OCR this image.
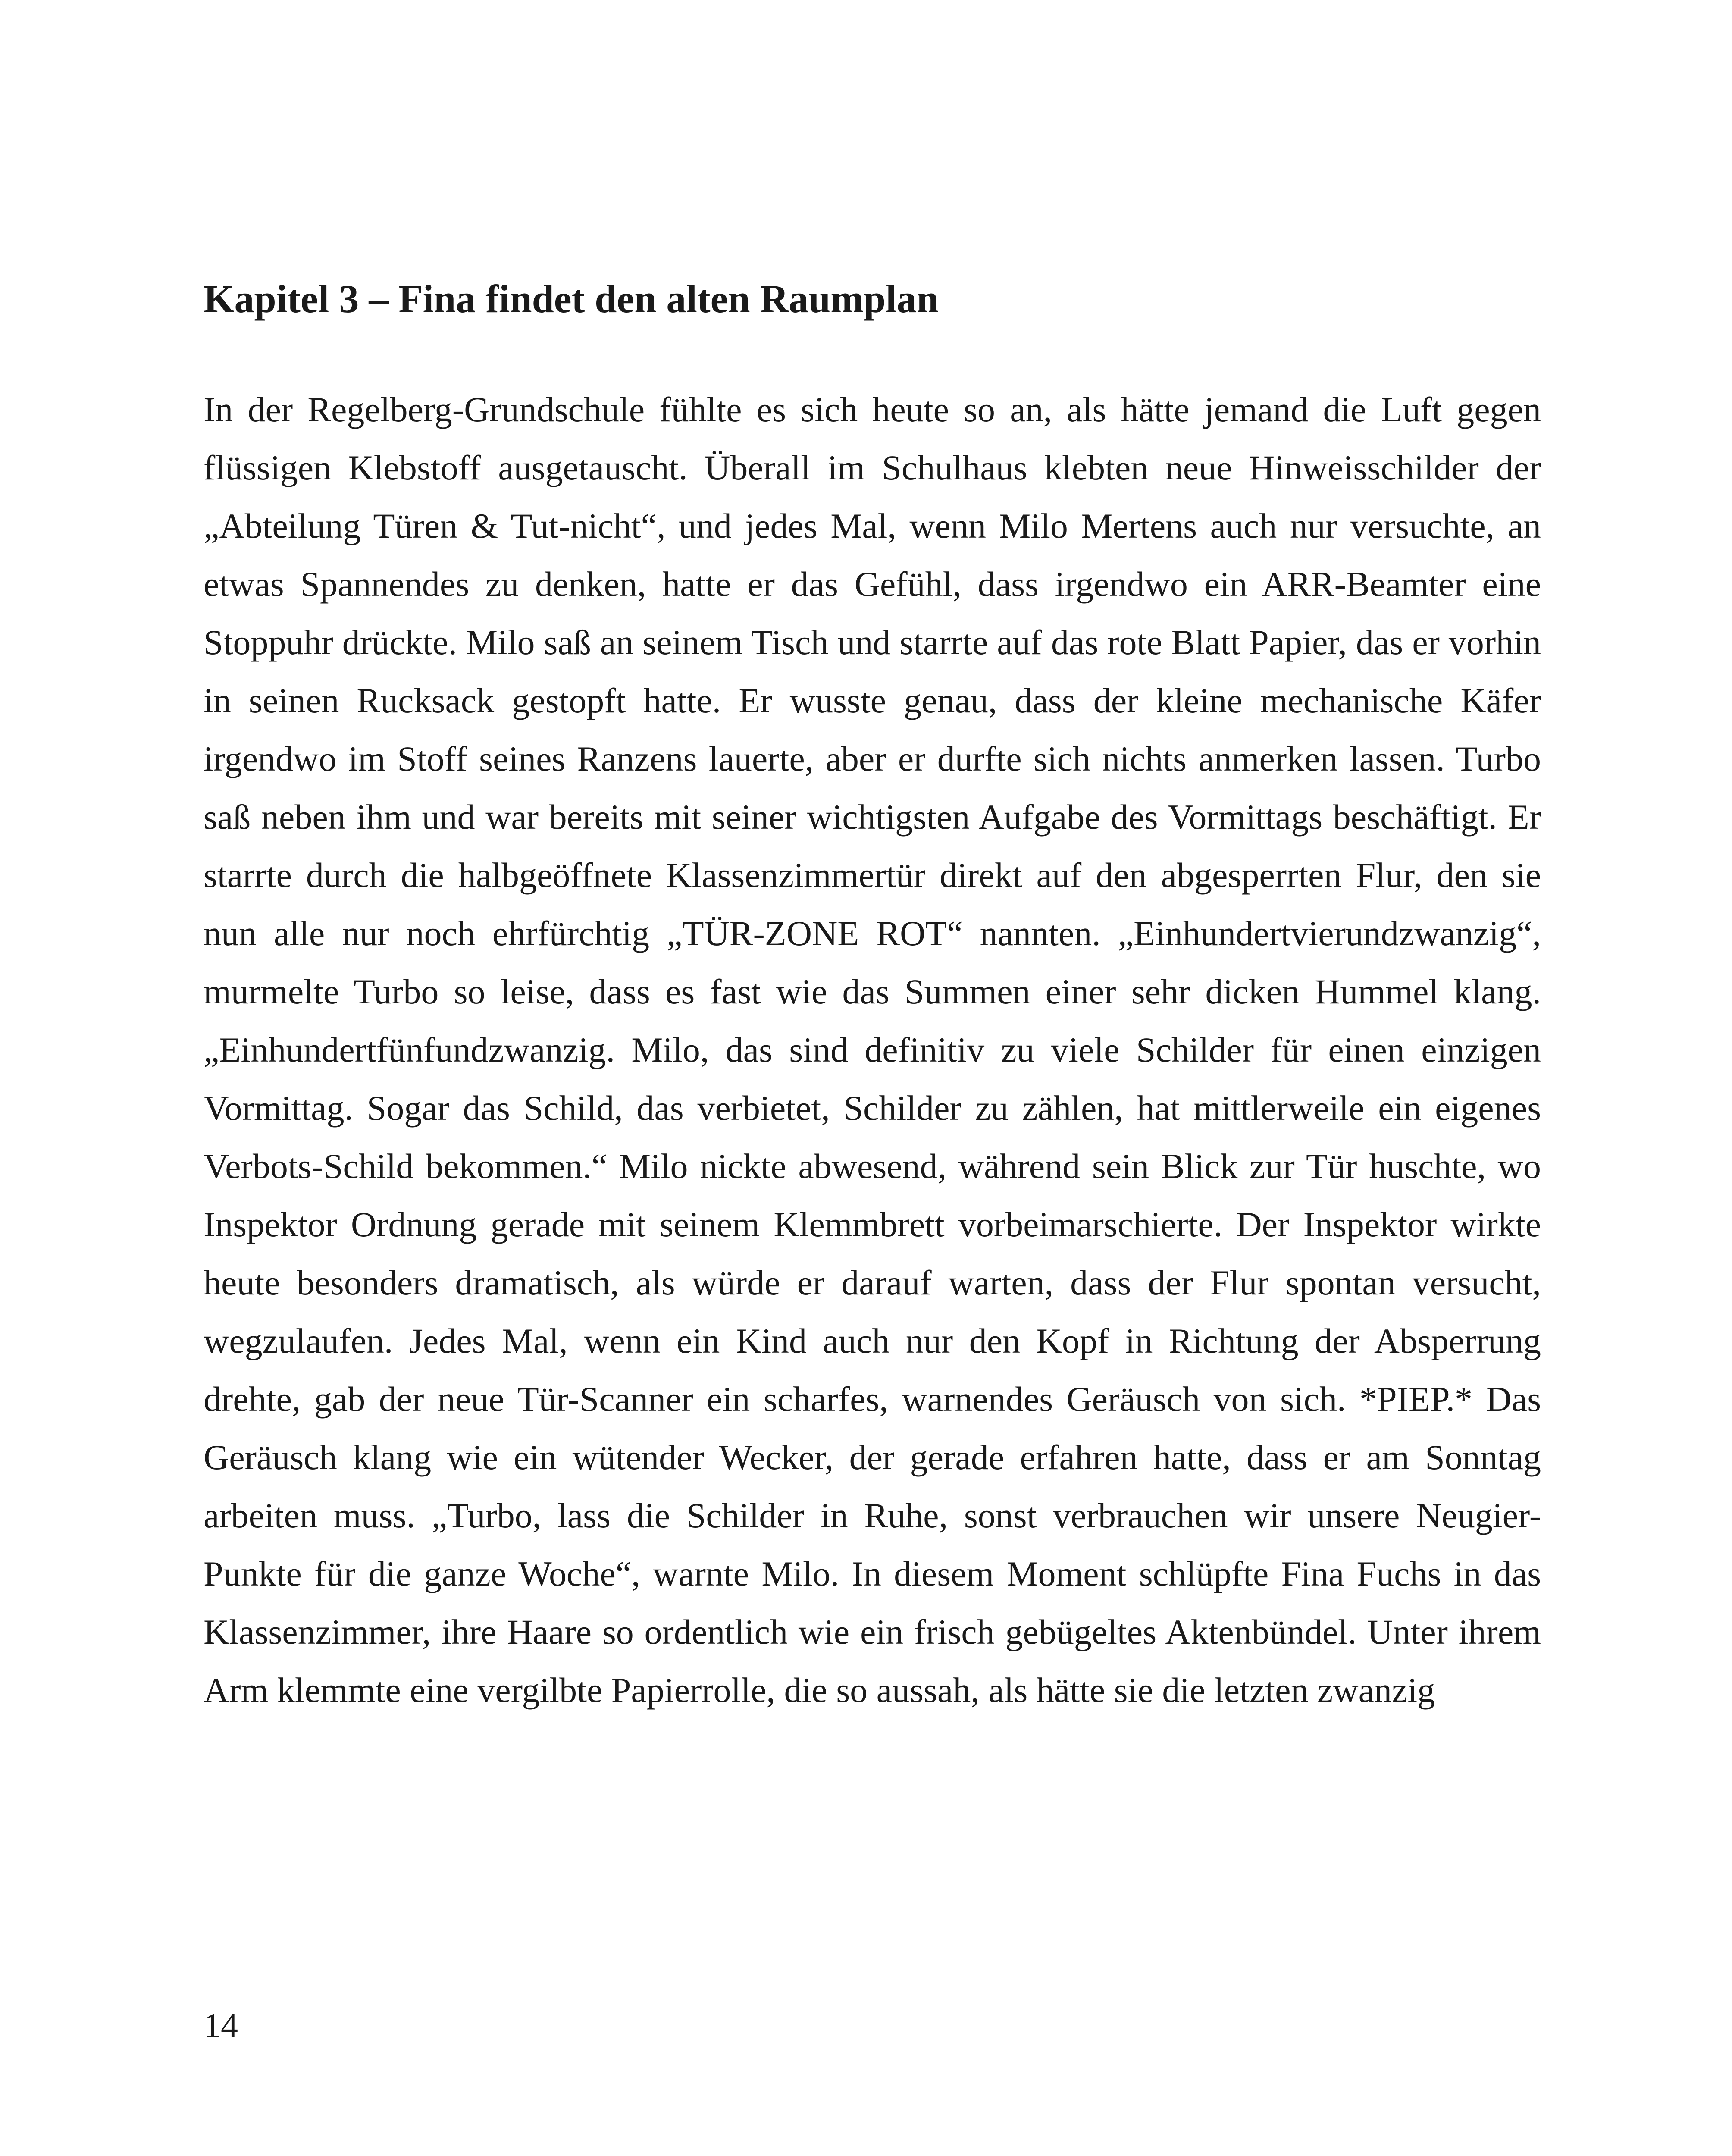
Kapitel 3 – Fina findet den alten Raumplan

In der Regelberg-Grundschule fühlte es sich heute so an, als hätte jemand die Luft gegen flüssigen Klebstoff ausgetauscht. Überall im Schulhaus klebten neue Hinweisschilder der „Abteilung Türen & Tut-nicht“, und jedes Mal, wenn Milo Mertens auch nur versuchte, an etwas Spannendes zu denken, hatte er das Gefühl, dass irgendwo ein ARR-Beamter eine Stoppuhr drückte. Milo saß an seinem Tisch und starrte auf das rote Blatt Papier, das er vorhin in seinen Rucksack gestopft hatte. Er wusste genau, dass der kleine mechanische Käfer irgendwo im Stoff seines Ranzens lauerte, aber er durfte sich nichts anmerken lassen. Turbo saß neben ihm und war bereits mit seiner wichtigsten Aufgabe des Vormittags beschäftigt. Er starrte durch die halbgeöffnete Klassenzimmertür direkt auf den abgesperrten Flur, den sie nun alle nur noch ehrfürchtig „TÜR-ZONE ROT“ nannten. „Einhundertvierundzwanzig“, murmelte Turbo so leise, dass es fast wie das Summen einer sehr dicken Hummel klang. „Einhundertfünfundzwanzig. Milo, das sind definitiv zu viele Schilder für einen einzigen Vormittag. Sogar das Schild, das verbietet, Schilder zu zählen, hat mittlerweile ein eigenes Verbots-Schild bekommen.“ Milo nickte abwesend, während sein Blick zur Tür huschte, wo Inspektor Ordnung gerade mit seinem Klemmbrett vorbeimarschierte. Der Inspektor wirkte heute besonders dramatisch, als würde er darauf warten, dass der Flur spontan versucht, wegzulaufen. Jedes Mal, wenn ein Kind auch nur den Kopf in Richtung der Absperrung drehte, gab der neue Tür-Scanner ein scharfes, warnendes Geräusch von sich. *PIEP.* Das Geräusch klang wie ein wütender Wecker, der gerade erfahren hatte, dass er am Sonntag arbeiten muss. „Turbo, lass die Schilder in Ruhe, sonst verbrauchen wir unsere Neugier-Punkte für die ganze Woche“, warnte Milo. In diesem Moment schlüpfte Fina Fuchs in das Klassenzimmer, ihre Haare so ordentlich wie ein frisch gebügeltes Aktenbündel. Unter ihrem Arm klemmte eine vergilbte Papierrolle, die so aussah, als hätte sie die letzten zwanzig

14
